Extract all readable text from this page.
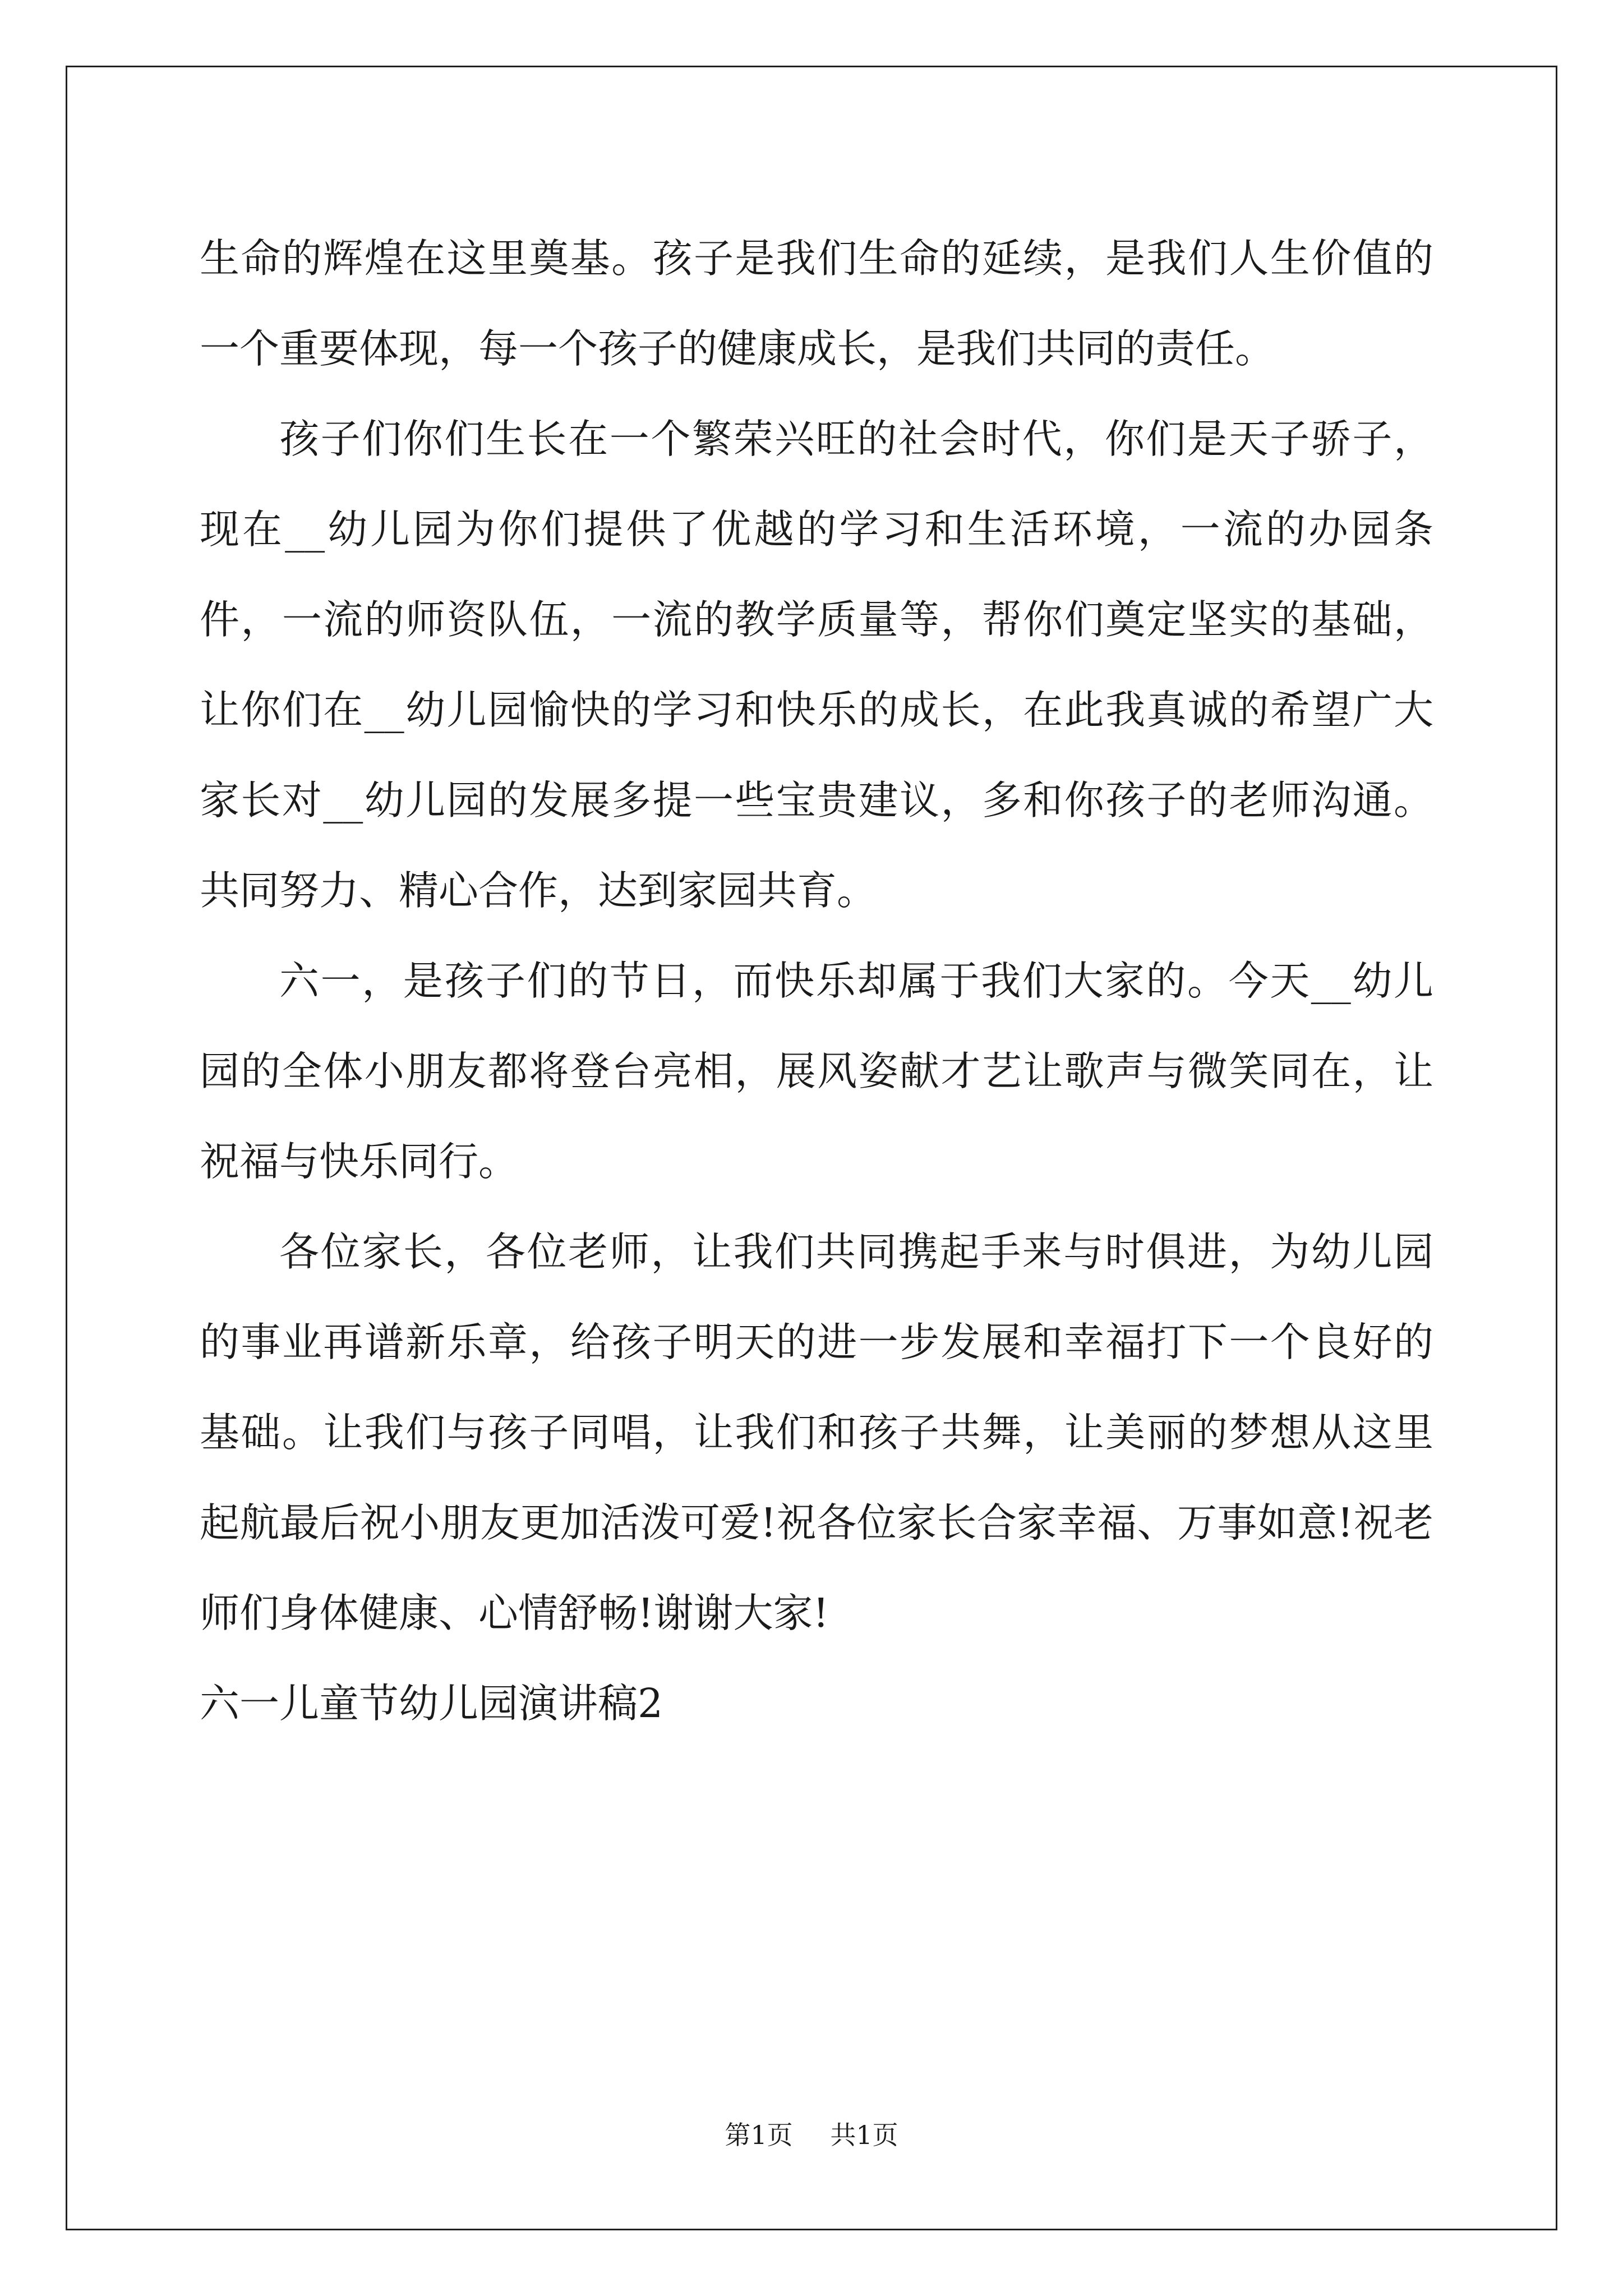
生命的辉煌在这里奠基。孩子是我们生命的延续，是我们人生价值的一个重要体现，每一个孩子的健康成长，是我们共同的责任。

孩子们你们生长在一个繁荣兴旺的社会时代，你们是天子骄子，现在__幼儿园为你们提供了优越的学习和生活环境，一流的办园条件，一流的师资队伍，一流的教学质量等，帮你们奠定坚实的基础，让你们在__幼儿园愉快的学习和快乐的成长，在此我真诚的希望广大家长对__幼儿园的发展多提一些宝贵建议，多和你孩子的老师沟通。共同努力、精心合作，达到家园共育。

六一，是孩子们的节日，而快乐却属于我们大家的。今天__幼儿园的全体小朋友都将登台亮相，展风姿献才艺让歌声与微笑同在，让祝福与快乐同行。

各位家长，各位老师，让我们共同携起手来与时俱进，为幼儿园的事业再谱新乐章，给孩子明天的进一步发展和幸福打下一个良好的基础。让我们与孩子同唱，让我们和孩子共舞，让美丽的梦想从这里起航最后祝小朋友更加活泼可爱!祝各位家长合家幸福、万事如意!祝老师们身体健康、心情舒畅!谢谢大家!

六一儿童节幼儿园演讲稿2
第1页 共1页
